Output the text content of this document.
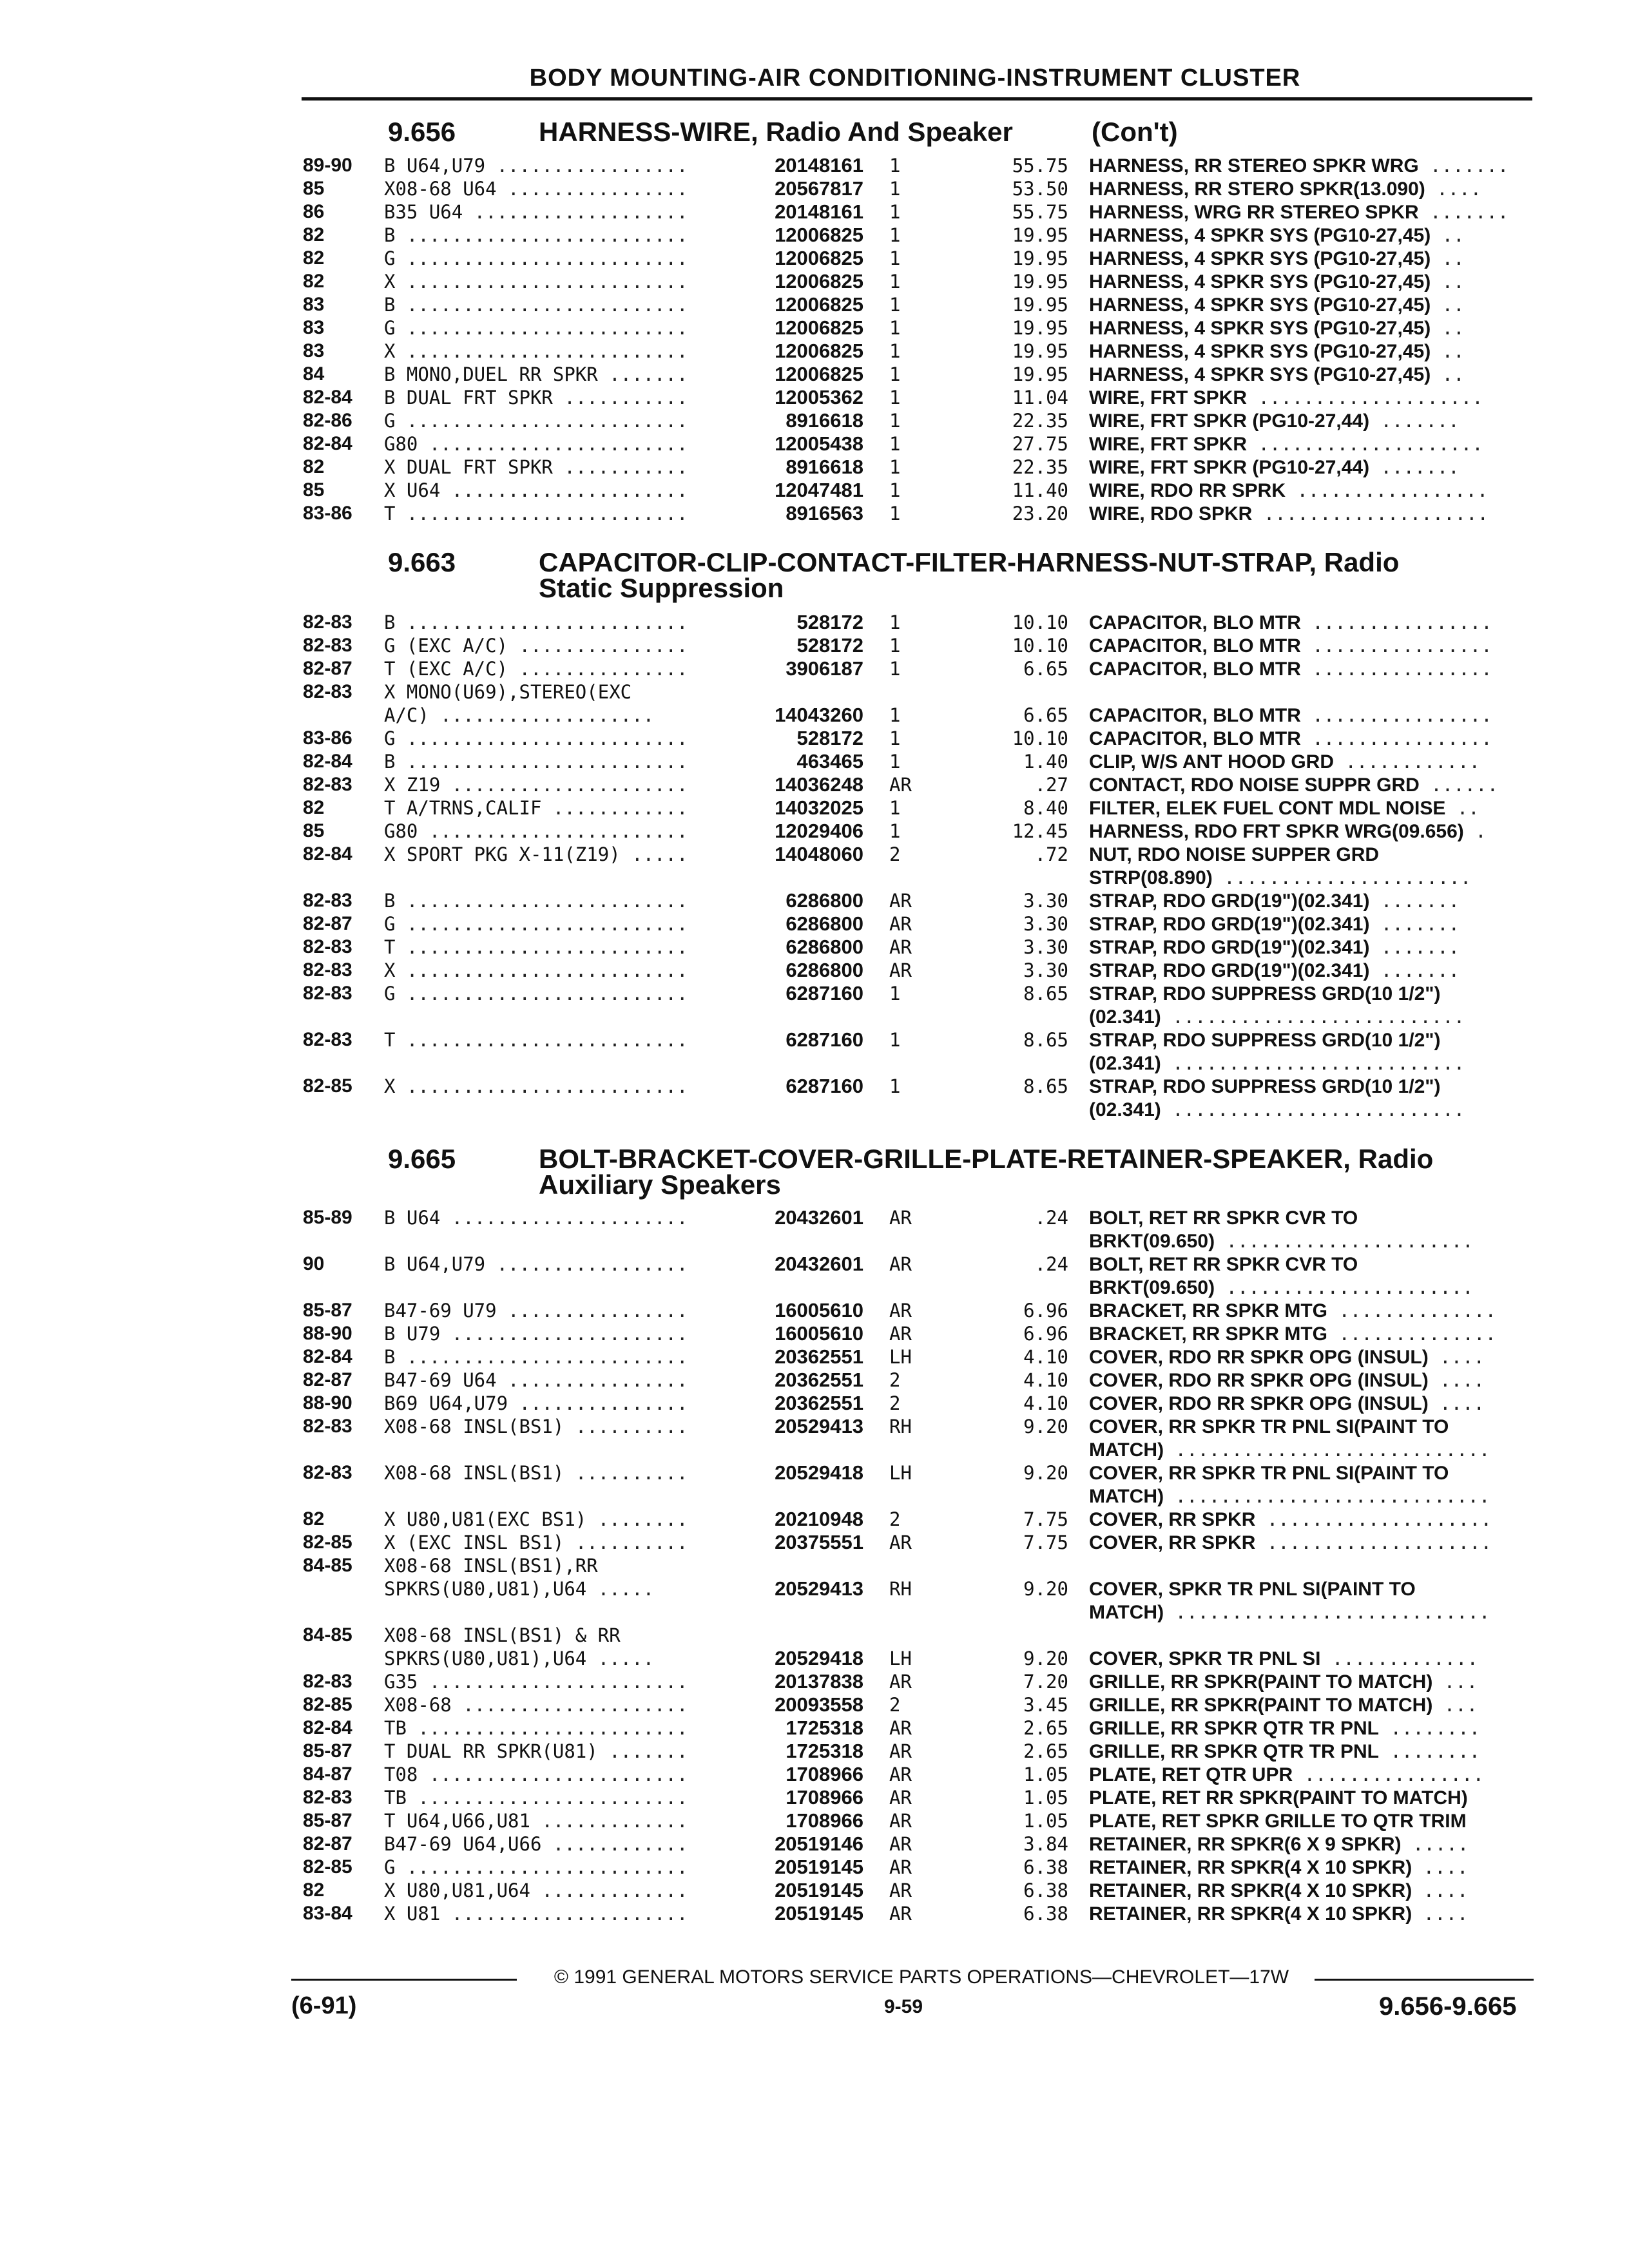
BODY MOUNTING-AIR CONDITIONING-INSTRUMENT CLUSTER
9.656	HARNESS-WIRE, Radio And Speaker	(Con't)
89-90 B U64,U79 .................	20148161 1	55.75 HARNESS, RR STEREO SPKR WRG .......
85	X08-68 U64 ................	20567817 1	53.50 HARNESS, RR STERO SPKR(13.090) ....
86	B35 U64 ...................	20148161 1	55.75 HARNESS, WRG RR STEREO SPKR .......
82	B .........................	12006825 1	19.95 HARNESS, 4 SPKR SYS (PG10-27,45) ..
82	G .........................	12006825 1	19.95 HARNESS, 4 SPKR SYS (PG10-27,45) ..
82	X .........................	12006825 1	19.95 HARNESS, 4 SPKR SYS (PG10-27,45) ..
83	B .........................	12006825 1	19.95 HARNESS, 4 SPKR SYS (PG10-27,45) ..
83	G .........................	12006825 1	19.95 HARNESS, 4 SPKR SYS (PG10-27,45) ..
83	X .........................	12006825 1	19.95 HARNESS, 4 SPKR SYS (PG10-27,45) ..
84	B MONO,DUEL RR SPKR .......	12006825 1	19.95 HARNESS, 4 SPKR SYS (PG10-27,45) ..
82-84 B DUAL FRT SPKR ...........	12005362 1	11.04 WIRE, FRT SPKR ....................
82-86 G .........................	8916618 1	22.35 WIRE, FRT SPKR (PG10-27,44) .......
82-84 G80 .......................	12005438 1	27.75 WIRE, FRT SPKR ....................
82	X DUAL FRT SPKR ...........	8916618 1	22.35 WIRE, FRT SPKR (PG10-27,44) .......
85	X U64 .....................	12047481 1	11.40 WIRE, RDO RR SPRK .................
83-86 T .........................	8916563 1	23.20 WIRE, RDO SPKR ....................
9.663	CAPACITOR-CLIP-CONTACT-FILTER-HARNESS-NUT-STRAP, Radio
Static Suppression
82-83 B .........................	528172 1	10.10 CAPACITOR, BLO MTR ................
82-83 G (EXC A/C) ...............	528172 1	10.10 CAPACITOR, BLO MTR ................
82-87 T (EXC A/C) ...............	3906187 1	6.65 CAPACITOR, BLO MTR ................
82-83 X MONO(U69),STEREO(EXC
A/C) ...................	14043260 1	6.65 CAPACITOR, BLO MTR ................
83-86 G .........................	528172 1	10.10 CAPACITOR, BLO MTR ................
82-84 B .........................	463465 1	1.40 CLIP, W/S ANT HOOD GRD ............
82-83 X Z19 .....................	14036248 AR	.27 CONTACT, RDO NOISE SUPPR GRD ......
82	T A/TRNS,CALIF ............	14032025 1	8.40 FILTER, ELEK FUEL CONT MDL NOISE ..
85	G80 .......................	12029406 1	12.45 HARNESS, RDO FRT SPKR WRG(09.656) .
82-84 X SPORT PKG X-11(Z19) .....	14048060 2	.72 NUT, RDO NOISE SUPPER GRD
STRP(08.890) ......................
82-83 B .........................	6286800 AR	3.30 STRAP, RDO GRD(19")(02.341) .......
82-87 G .........................	6286800 AR	3.30 STRAP, RDO GRD(19")(02.341) .......
82-83 T .........................	6286800 AR	3.30 STRAP, RDO GRD(19")(02.341) .......
82-83 X .........................	6286800 AR	3.30 STRAP, RDO GRD(19")(02.341) .......
82-83 G .........................	6287160 1	8.65 STRAP, RDO SUPPRESS GRD(10 1/2")
(02.341) ..........................
82-83 T .........................	6287160 1	8.65 STRAP, RDO SUPPRESS GRD(10 1/2")
(02.341) ..........................
82-85 X .........................	6287160 1	8.65 STRAP, RDO SUPPRESS GRD(10 1/2")
(02.341) ..........................
9.665	BOLT-BRACKET-COVER-GRILLE-PLATE-RETAINER-SPEAKER, Radio
Auxiliary Speakers
85-89 B U64 .....................	20432601 AR	.24 BOLT, RET RR SPKR CVR TO
BRKT(09.650) ......................
90	B U64,U79 .................	20432601 AR	.24 BOLT, RET RR SPKR CVR TO
BRKT(09.650) ......................
85-87 B47-69 U79 ................	16005610 AR	6.96 BRACKET, RR SPKR MTG ..............
88-90 B U79 .....................	16005610 AR	6.96 BRACKET, RR SPKR MTG ..............
82-84 B .........................	20362551 LH	4.10 COVER, RDO RR SPKR OPG (INSUL) ....
82-87 B47-69 U64 ................	20362551 2	4.10 COVER, RDO RR SPKR OPG (INSUL) ....
88-90 B69 U64,U79 ...............	20362551 2	4.10 COVER, RDO RR SPKR OPG (INSUL) ....
82-83 X08-68 INSL(BS1) ..........	20529413 RH	9.20 COVER, RR SPKR TR PNL SI(PAINT TO
MATCH) ............................
82-83 X08-68 INSL(BS1) ..........	20529418 LH	9.20 COVER, RR SPKR TR PNL SI(PAINT TO
MATCH) ............................
82	X U80,U81(EXC BS1) ........	20210948 2	7.75 COVER, RR SPKR ....................
82-85 X (EXC INSL BS1) ..........	20375551 AR	7.75 COVER, RR SPKR ....................
84-85 X08-68 INSL(BS1),RR
SPKRS(U80,U81),U64 .....	20529413 RH	9.20 COVER, SPKR TR PNL SI(PAINT TO
MATCH) ............................
84-85 X08-68 INSL(BS1) & RR
SPKRS(U80,U81),U64 .....	20529418 LH	9.20 COVER, SPKR TR PNL SI .............
82-83 G35 .......................	20137838 AR	7.20 GRILLE, RR SPKR(PAINT TO MATCH) ...
82-85 X08-68 ....................	20093558 2	3.45 GRILLE, RR SPKR(PAINT TO MATCH) ...
82-84 TB ........................	1725318 AR	2.65 GRILLE, RR SPKR QTR TR PNL ........
85-87 T DUAL RR SPKR(U81) .......	1725318 AR	2.65 GRILLE, RR SPKR QTR TR PNL ........
84-87 T08 .......................	1708966 AR	1.05 PLATE, RET QTR UPR ................
82-83 TB ........................	1708966 AR	1.05 PLATE, RET RR SPKR(PAINT TO MATCH)
85-87 T U64,U66,U81 .............	1708966 AR	1.05 PLATE, RET SPKR GRILLE TO QTR TRIM
82-87 B47-69 U64,U66 ............	20519146 AR	3.84 RETAINER, RR SPKR(6 X 9 SPKR) .....
82-85 G .........................	20519145 AR	6.38 RETAINER, RR SPKR(4 X 10 SPKR) ....
82	X U80,U81,U64 .............	20519145 AR	6.38 RETAINER, RR SPKR(4 X 10 SPKR) ....
83-84 X U81 .....................	20519145 AR	6.38 RETAINER, RR SPKR(4 X 10 SPKR) ....
© 1991 GENERAL MOTORS SERVICE PARTS OPERATIONS—CHEVROLET—17W
(6-91)	9-59	9.656-9.665
